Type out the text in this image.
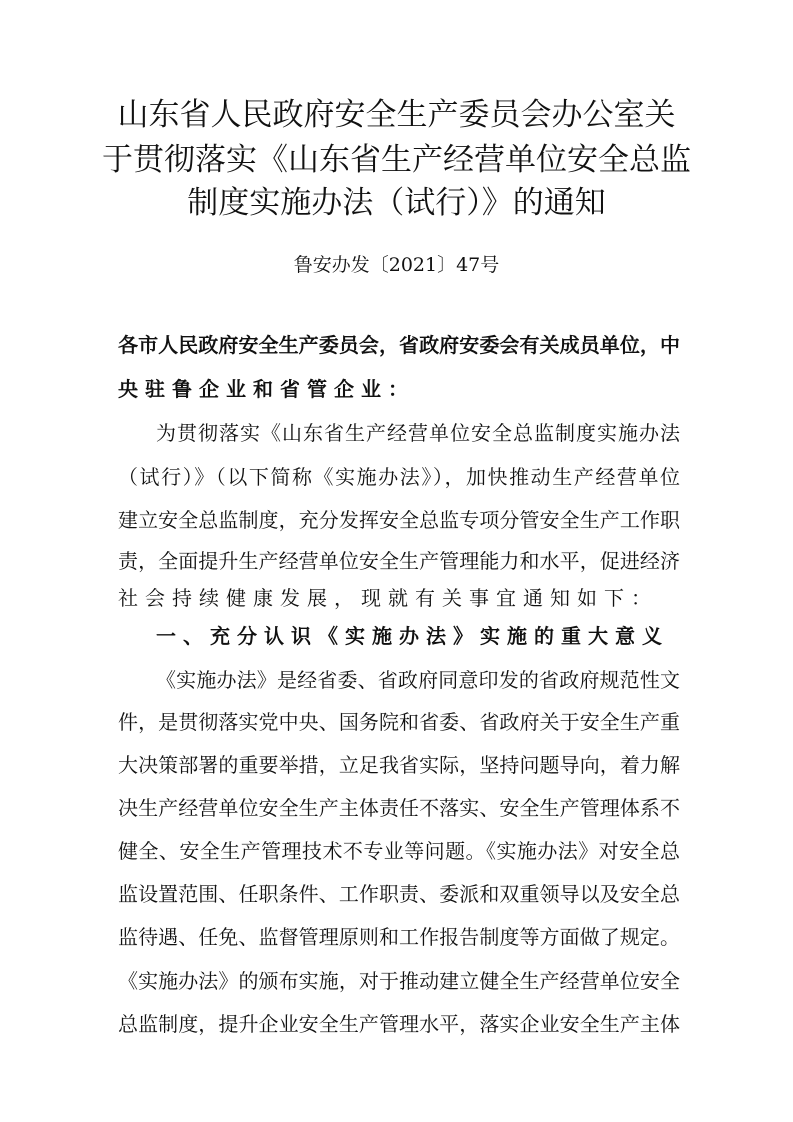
山东省人民政府安全生产委员会办公室关
于贯彻落实《山东省生产经营单位安全总监
制度实施办法（试行）》的通知
鲁安办发〔2021〕47号
各市人民政府安全生产委员会，省政府安委会有关成员单位，中
央驻鲁企业和省管企业：
为贯彻落实《山东省生产经营单位安全总监制度实施办法
（试行）》（以下简称《实施办法》），加快推动生产经营单位
建立安全总监制度，充分发挥安全总监专项分管安全生产工作职
责，全面提升生产经营单位安全生产管理能力和水平，促进经济
社会持续健康发展，现就有关事宜通知如下：
一、充分认识《实施办法》实施的重大意义
《实施办法》是经省委、省政府同意印发的省政府规范性文
件，是贯彻落实党中央、国务院和省委、省政府关于安全生产重
大决策部署的重要举措，立足我省实际，坚持问题导向，着力解
决生产经营单位安全生产主体责任不落实、安全生产管理体系不
健全、安全生产管理技术不专业等问题。《实施办法》对安全总
监设置范围、任职条件、工作职责、委派和双重领导以及安全总
监待遇、任免、监督管理原则和工作报告制度等方面做了规定。
《实施办法》的颁布实施，对于推动建立健全生产经营单位安全
总监制度，提升企业安全生产管理水平，落实企业安全生产主体
